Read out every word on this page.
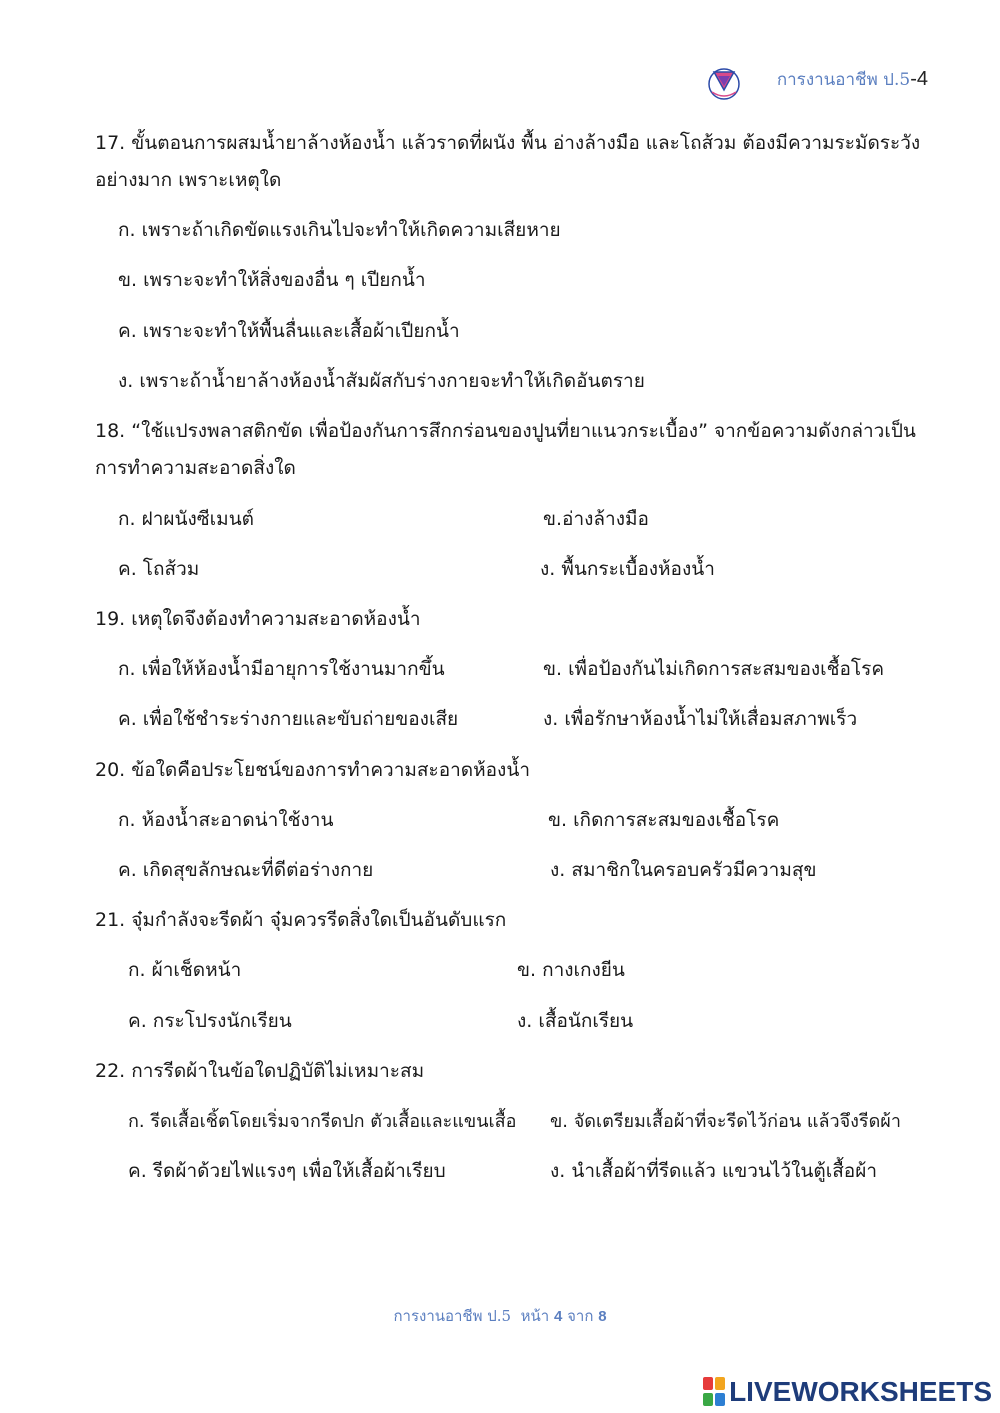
การงานอาชีพ ป.5-4
17. ขั้นตอนการผสมน้ำยาล้างห้องน้ำ แล้วราดที่ผนัง พื้น อ่างล้างมือ และโถส้วม ต้องมีความระมัดระวัง
อย่างมาก เพราะเหตุใด
ก. เพราะถ้าเกิดขัดแรงเกินไปจะทำให้เกิดความเสียหาย
ข. เพราะจะทำให้สิ่งของอื่น ๆ เปียกน้ำ
ค. เพราะจะทำให้พื้นลื่นและเสื้อผ้าเปียกน้ำ
ง. เพราะถ้าน้ำยาล้างห้องน้ำสัมผัสกับร่างกายจะทำให้เกิดอันตราย
18. “ใช้แปรงพลาสติกขัด เพื่อป้องกันการสึกกร่อนของปูนที่ยาแนวกระเบื้อง” จากข้อความดังกล่าวเป็น
การทำความสะอาดสิ่งใด
ก. ฝาผนังซีเมนต์	ข.อ่างล้างมือ
ค. โถส้วม	ง. พื้นกระเบื้องห้องน้ำ
19. เหตุใดจึงต้องทำความสะอาดห้องน้ำ
ก. เพื่อให้ห้องน้ำมีอายุการใช้งานมากขึ้น	ข. เพื่อป้องกันไม่เกิดการสะสมของเชื้อโรค
ค. เพื่อใช้ชำระร่างกายและขับถ่ายของเสีย	ง. เพื่อรักษาห้องน้ำไม่ให้เสื่อมสภาพเร็ว
20. ข้อใดคือประโยชน์ของการทำความสะอาดห้องน้ำ
ก. ห้องน้ำสะอาดน่าใช้งาน	ข. เกิดการสะสมของเชื้อโรค
ค. เกิดสุขลักษณะที่ดีต่อร่างกาย	ง. สมาชิกในครอบครัวมีความสุข
21. จุ๋มกำลังจะรีดผ้า จุ๋มควรรีดสิ่งใดเป็นอันดับแรก
ก. ผ้าเช็ดหน้า	ข. กางเกงยีน
ค. กระโปรงนักเรียน	ง. เสื้อนักเรียน
22. การรีดผ้าในข้อใดปฏิบัติไม่เหมาะสม
ก. รีดเสื้อเชิ้ตโดยเริ่มจากรีดปก ตัวเสื้อและแขนเสื้อ ข. จัดเตรียมเสื้อผ้าที่จะรีดไว้ก่อน แล้วจึงรีดผ้า
ค. รีดผ้าด้วยไฟแรงๆ เพื่อให้เสื้อผ้าเรียบ	ง. นำเสื้อผ้าที่รีดแล้ว แขวนไว้ในตู้เสื้อผ้า
การงานอาชีพ ป.5 หน้า 4 จาก 8
LIVEWORKSHEETS
